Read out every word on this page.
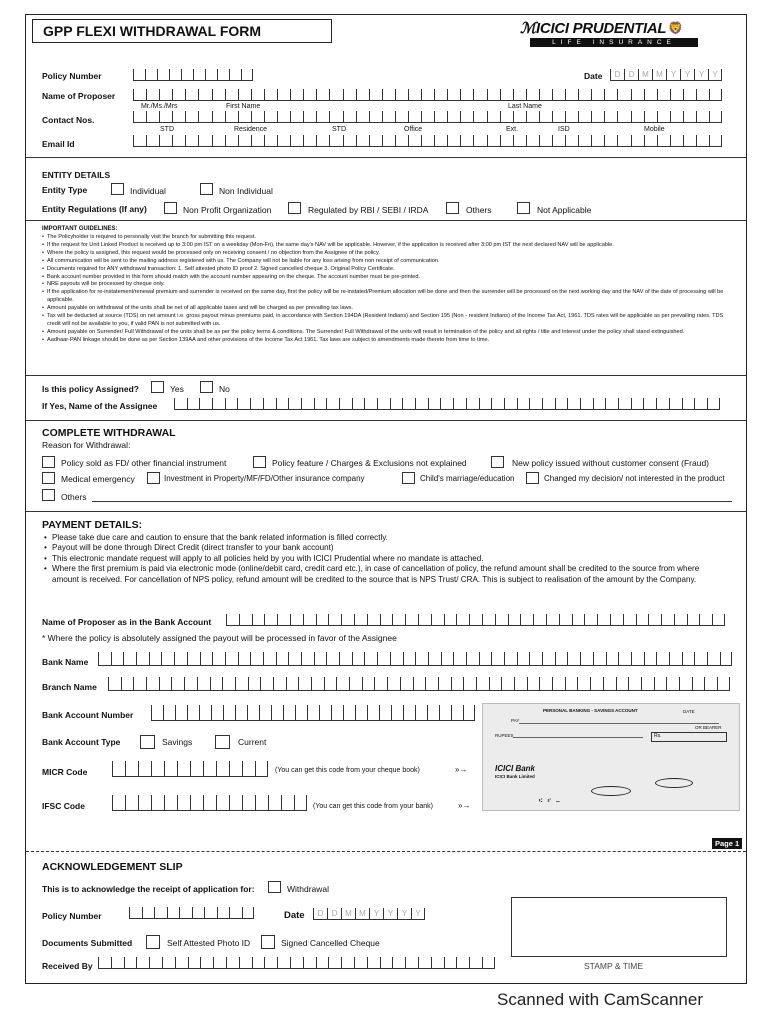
GPP FLEXI WITHDRAWAL FORM	ℳ ICICI PRUDENTIAL 🦁
LIFE INSURANCE
Policy Number	Date	D	D M M	Y	Y	Y	Y
Name of Proposer
Mr./Ms./Mrs	First Name	Last Name
Contact Nos.
STD	Residence	STD	Office	Ext.	ISD	Mobile
Email Id
ENTITY DETAILS
Entity Type	Individual	Non Individual
Entity Regulations (If any)	Non Profit Organization	Regulated by RBI / SEBI / IRDA	Others	Not Applicable
IMPORTANT GUIDELINES:
• The Policyholder is required to personally visit the branch for submitting this request.
• If the request for Unit Linked Product is received up to 3:00 pm IST on a weekday (Mon-Fri), the same day's NAV will be applicable. However, if the application is received after 3:00 pm IST the next declared NAV will be applicable.
• Where the policy is assigned, this request would be processed only on receiving consent / no objection from the Assignee of the policy.
• All communication will be sent to the mailing address registered with us. The Company will not be liable for any loss arising from non receipt of communication.
• Documents required for ANY withdrawal transaction: 1. Self attested photo ID proof 2. Signed cancelled cheque 3. Original Policy Certificate.
• Bank account number provided in this form should match with the account number appearing on the cheque. The account number must be pre-printed.
• NRE payouts will be processed by cheque only.
• If the application for re-instatement/renewal premium and surrender is received on the same day, first the policy will be re-instated/Premium allocation will be done and then the surrender will be processed on the next working day and the NAV of the date of processing will be applicable.
• Amount payable on withdrawal of the units shall be net of all applicable taxes and will be charged as per prevailing tax laws.
• Tax will be deducted at source (TDS) on net amount i.e. gross payout minus premiums paid, in accordance with Section 194DA (Resident Indians) and Section 195 (Non - resident Indians) of the Income Tax Act, 1961. TDS rates will be applicable as per prevailing rates. TDS credit will not be available to you, if valid PAN is not submitted with us.
• Amount payable on Surrender/ Full Withdrawal of the units shall be as per the policy terms & conditions. The Surrender/ Full Withdrawal of the units will result in termination of the policy and all rights / title and interest under the policy shall stand extinguished.
• Aadhaar-PAN linkage should be done as per Section 139AA and other provisions of the Income Tax Act 1961. Tax laws are subject to amendments made thereto from time to time.
Is this policy Assigned?	Yes	No
If Yes, Name of the Assignee
COMPLETE WITHDRAWAL
Reason for Withdrawal:
Policy sold as FD/ other financial instrument	Policy feature / Charges & Exclusions not explained	New policy issued without customer consent (Fraud)
Medical emergency	Investment in Property/MF/FD/Other insurance company	Child's marriage/education	Changed my decision/ not interested in the product
Others
PAYMENT DETAILS:
• Please take due care and caution to ensure that the bank related information is filled correctly.
• Payout will be done through Direct Credit (direct transfer to your bank account)
• This electronic mandate request will apply to all policies held by you with ICICI Prudential where no mandate is attached.
• Where the first premium is paid via electronic mode (online/debit card, credit card etc.), in case of cancellation of policy, the refund amount shall be credited to the source from where amount is received. For cancellation of NPS policy, refund amount will be credited to the source that is NPS Trust/ CRA. This is subject to realisation of the amount by the Company.
Name of Proposer as in the Bank Account
* Where the policy is absolutely assigned the payout will be processed in favor of the Assignee
Bank Name
Branch Name
Bank Account Number
Bank Account Type	Savings	Current
MICR Code	(You can get this code from your cheque book)	»→
IFSC Code	(You can get this code from your bank)	»→
PERSONAL BANKING - SAVINGS ACCOUNT	DATE
PAY
OR BEARER
RUPEES	Rs.
ICICI Bank
ICICI Bank Limited
⑆ ⑈ ⑉
Page 1
ACKNOWLEDGEMENT SLIP
This is to acknowledge the receipt of application for:	Withdrawal
Policy Number	Date	D	D M M	Y	Y	Y	Y
Documents Submitted	Self Attested Photo ID	Signed Cancelled Cheque
Received By	STAMP & TIME
Scanned with CamScanner
